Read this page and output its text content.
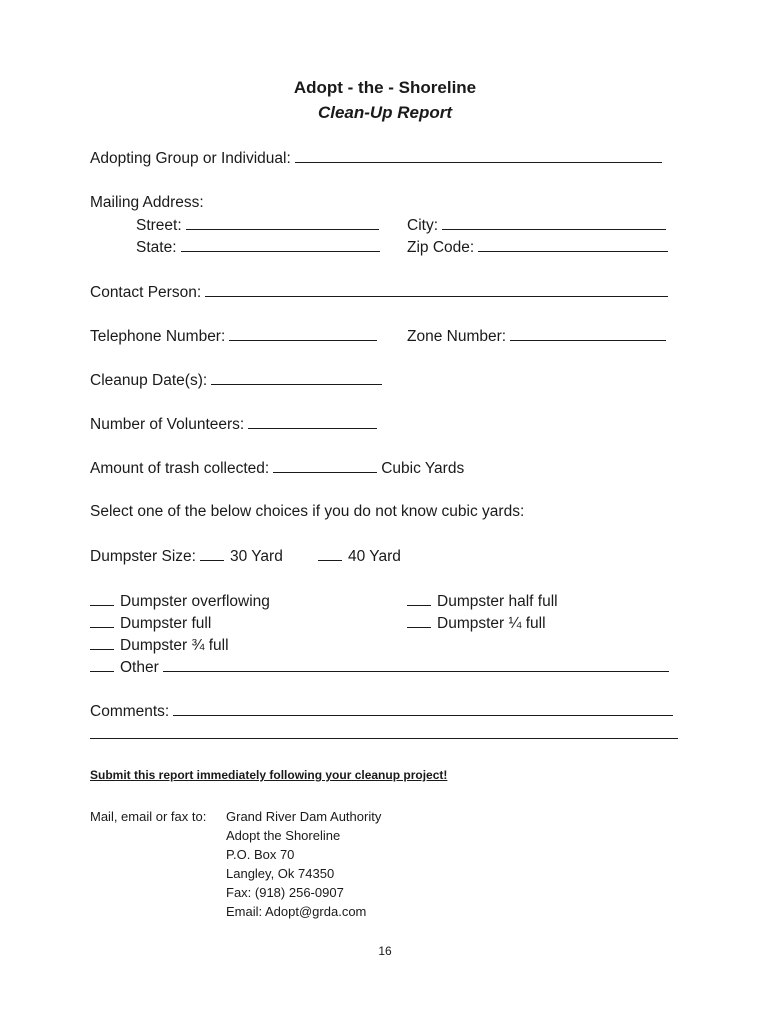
Adopt - the - Shoreline
Clean-Up Report
Adopting Group or Individual:
Mailing Address:
Street:	City:
State:	Zip Code:
Contact Person:
Telephone Number:	Zone Number:
Cleanup Date(s):
Number of Volunteers:
Amount of trash collected:	Cubic Yards
Select one of the below choices if you do not know cubic yards:
Dumpster Size: 30 Yard	40 Yard
Dumpster overflowing	Dumpster half full
Dumpster full	Dumpster ¼ full
Dumpster ¾ full
Other
Comments:
Submit this report immediately following your cleanup project!
Mail, email or fax to: Grand River Dam Authority
Adopt the Shoreline
P.O. Box 70
Langley, Ok 74350
Fax: (918) 256-0907
Email: Adopt@grda.com
16
